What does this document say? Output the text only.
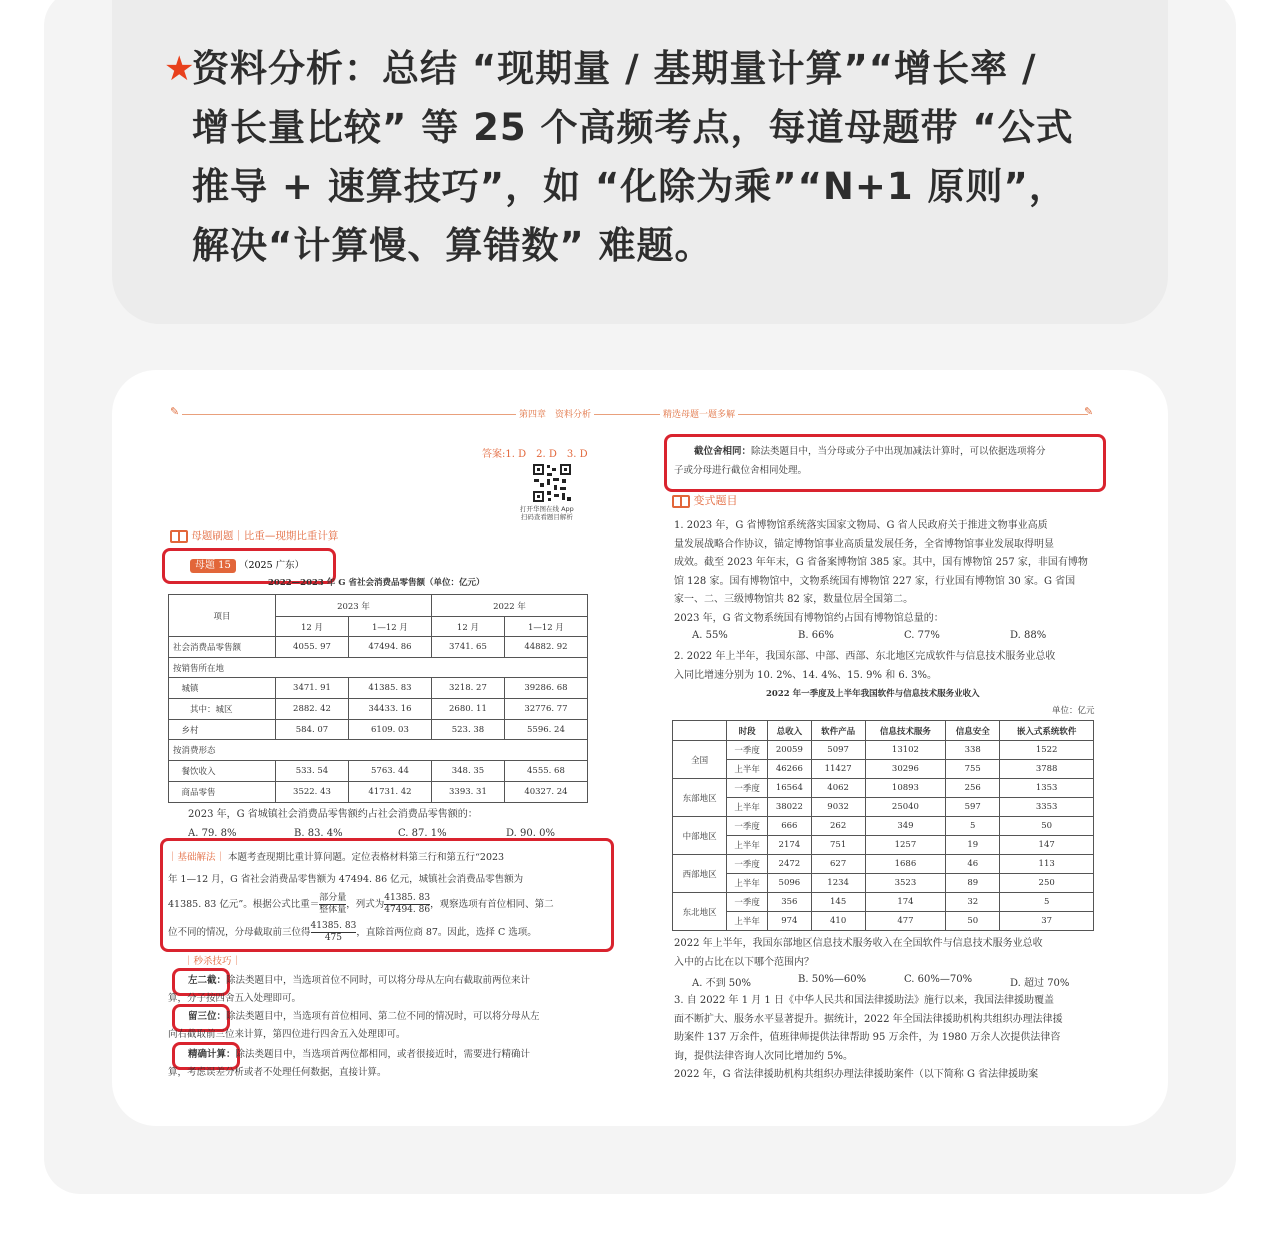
★
资料分析：总结 “现期量 / 基期量计算”“增长率 /
增长量比较” 等 25 个高频考点，每道母题带 “公式
推导 + 速算技巧”，如 “化除为乘”“N+1 原则”，
解决“计算慢、算错数” 难题。
✎	第四章　资料分析	精选母题一题多解	✎
答案:1. D　2. D　3. D
打开华图在线 App
扫码查看题目解析
母题刷题｜比重—现期比重计算
母题 15 （2025 广东）
2022—2023 年 G 省社会消费品零售额（单位：亿元）
项目	2023 年		2022 年	
	12 月	1—12 月	12 月	1—12 月
社会消费品零售额	4055. 97	47494. 86	3741. 65	44882. 92
按销售所在地				
　城镇	3471. 91	41385. 83	3218. 27	39286. 68
　　其中：城区	2882. 42	34433. 16	2680. 11	32776. 77
　乡村	584. 07	6109. 03	523. 38	5596. 24
按消费形态				
　餐饮收入	533. 54	5763. 44	348. 35	4555. 68
　商品零售	3522. 43	41731. 42	3393. 31	40327. 24
2023 年，G 省城镇社会消费品零售额约占社会消费品零售额的：
A. 79. 8%	B. 83. 4%	C. 87. 1%	D. 90. 0%
｜基础解法｜ 本题考查现期比重计算问题。定位表格材料第三行和第五行“2023
年 1—12 月，G 省社会消费品零售额为 47494. 86 亿元，城镇社会消费品零售额为
41385. 83 亿元”。根据公式比重＝ $\frac{\text{部分量}}{\text{整体量}}$ ，列式为 $\frac{41385. 83}{47494. 86}$ ，观察选项有首位相同、第二
位不同的情况，分母截取前三位得 $\frac{41385. 83}{475}$ ，直除首两位商 87。因此，选择 C 选项。
｜秒杀技巧｜
左二截：除法类题目中，当选项首位不同时，可以将分母从左向右截取前两位来计
算，分子按四舍五入处理即可。
留三位：除法类题目中，当选项有首位相同、第二位不同的情况时，可以将分母从左
向右截取前三位来计算，第四位进行四舍五入处理即可。
精确计算：除法类题目中，当选项首两位都相同，或者很接近时，需要进行精确计
算，考虑误差分析或者不处理任何数据，直接计算。
截位舍相同：除法类题目中，当分母或分子中出现加减法计算时，可以依据选项将分
子或分母进行截位舍相同处理。
变式题目
1. 2023 年，G 省博物馆系统落实国家文物局、G 省人民政府关于推进文物事业高质
量发展战略合作协议，锚定博物馆事业高质量发展任务，全省博物馆事业发展取得明显
成效。截至 2023 年年末，G 省备案博物馆 385 家。其中，国有博物馆 257 家，非国有博物
馆 128 家。国有博物馆中，文物系统国有博物馆 227 家，行业国有博物馆 30 家。G 省国
家一、二、三级博物馆共 82 家，数量位居全国第二。
2023 年，G 省文物系统国有博物馆约占国有博物馆总量的：
A. 55%	B. 66%	C. 77%	D. 88%
2. 2022 年上半年，我国东部、中部、西部、东北地区完成软件与信息技术服务业总收
入同比增速分别为 10. 2%、14. 4%、15. 9% 和 6. 3%。
2022 年一季度及上半年我国软件与信息技术服务业收入
单位：亿元
	时段	总收入	软件产品	信息技术服务	信息安全	嵌入式系统软件
全国	一季度	20059	5097	13102	338	1522
	上半年	46266	11427	30296	755	3788
东部地区	一季度	16564	4062	10893	256	1353
	上半年	38022	9032	25040	597	3353
中部地区	一季度	666	262	349	5	50
	上半年	2174	751	1257	19	147
西部地区	一季度	2472	627	1686	46	113
	上半年	5096	1234	3523	89	250
东北地区	一季度	356	145	174	32	5
	上半年	974	410	477	50	37
2022 年上半年，我国东部地区信息技术服务收入在全国软件与信息技术服务业总收
入中的占比在以下哪个范围内？
A. 不到 50%	B. 50%—60%	C. 60%—70%	D. 超过 70%
3. 自 2022 年 1 月 1 日《中华人民共和国法律援助法》施行以来，我国法律援助覆盖
面不断扩大、服务水平显著提升。据统计，2022 年全国法律援助机构共组织办理法律援
助案件 137 万余件，值班律师提供法律帮助 95 万余件，为 1980 万余人次提供法律咨
询，提供法律咨询人次同比增加约 5%。
2022 年，G 省法律援助机构共组织办理法律援助案件（以下简称 G 省法律援助案
